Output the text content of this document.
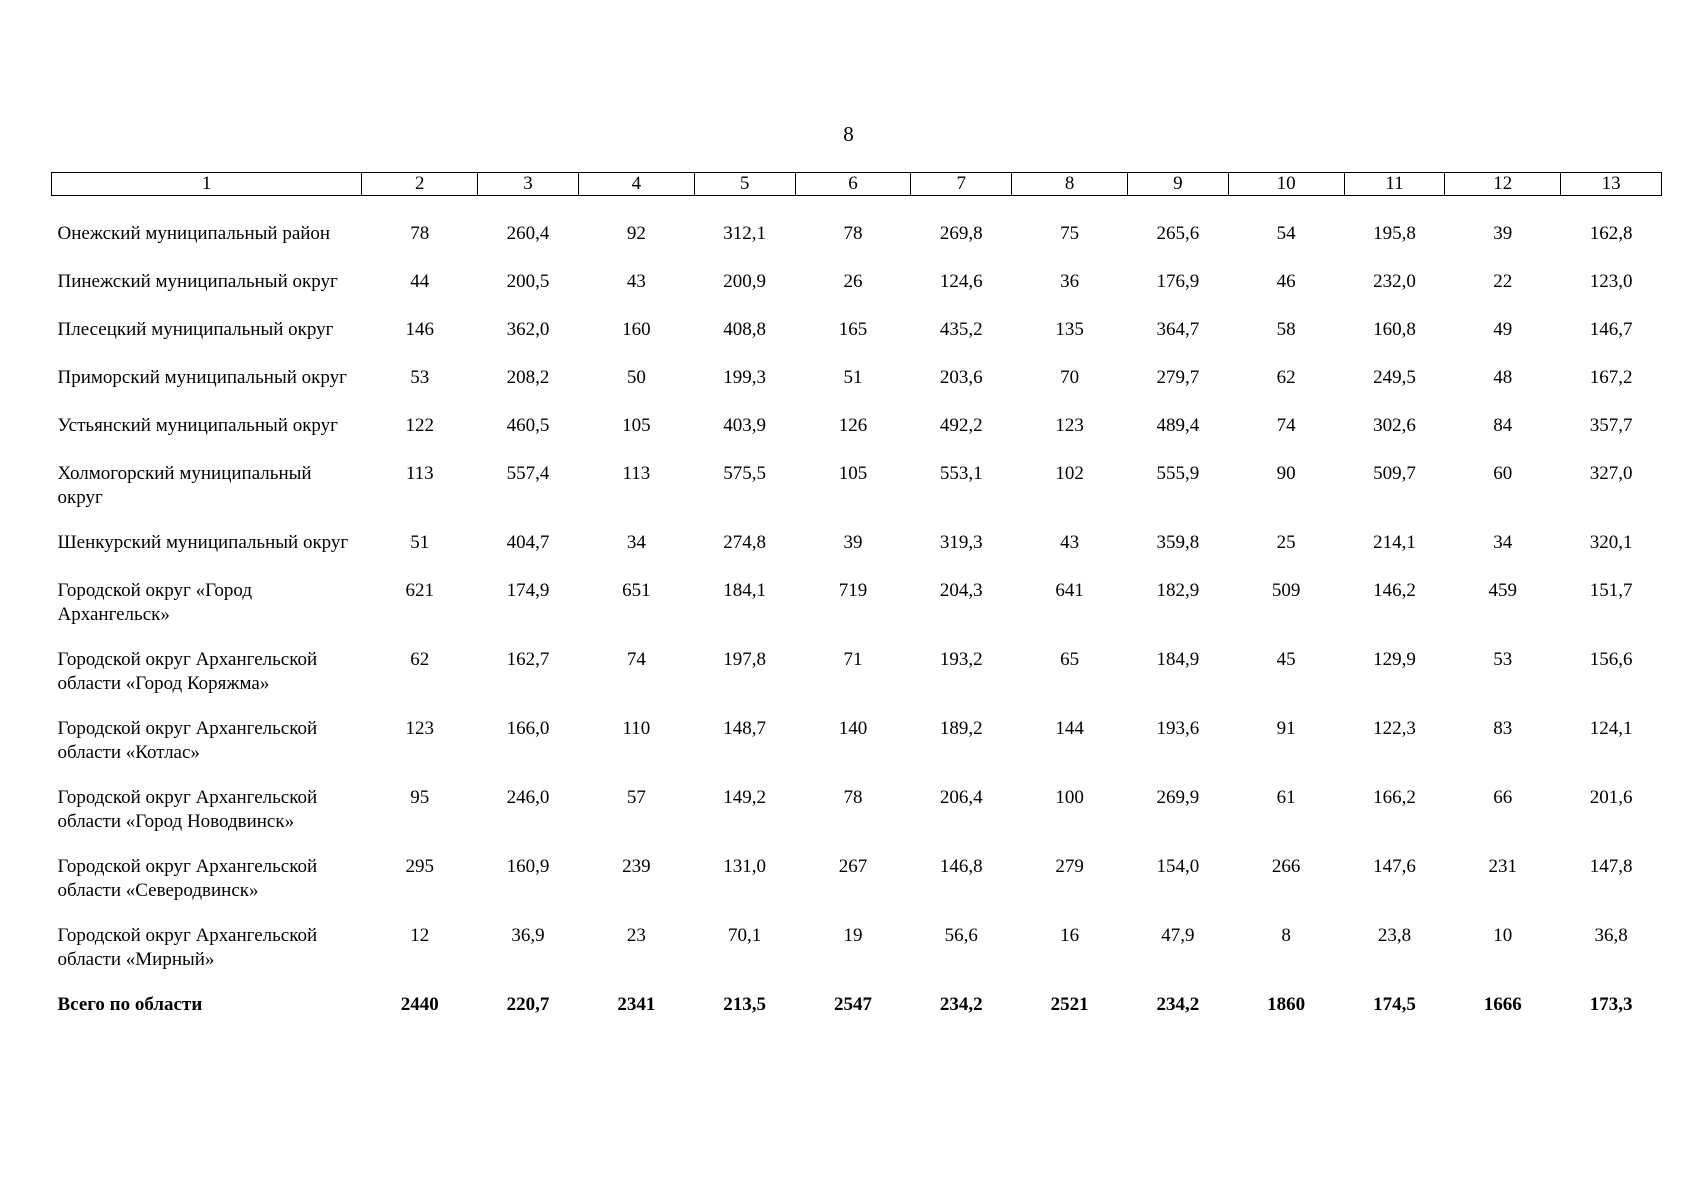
8
1	2	3	4	5	6	7	8	9	10	11	12	13

Онежский муниципальный район	78	260,4	92	312,1	78	269,8	75	265,6	54	195,8	39	162,8
Пинежский муниципальный округ	44	200,5	43	200,9	26	124,6	36	176,9	46	232,0	22	123,0
Плесецкий муниципальный округ	146	362,0	160	408,8	165	435,2	135	364,7	58	160,8	49	146,7
Приморский муниципальный округ	53	208,2	50	199,3	51	203,6	70	279,7	62	249,5	48	167,2
Устьянский муниципальный округ	122	460,5	105	403,9	126	492,2	123	489,4	74	302,6	84	357,7
Холмогорский муниципальный округ	113	557,4	113	575,5	105	553,1	102	555,9	90	509,7	60	327,0
Шенкурский муниципальный округ	51	404,7	34	274,8	39	319,3	43	359,8	25	214,1	34	320,1
Городской округ «Город Архангельск»	621	174,9	651	184,1	719	204,3	641	182,9	509	146,2	459	151,7
Городской округ Архангельской области «Город Коряжма»	62	162,7	74	197,8	71	193,2	65	184,9	45	129,9	53	156,6
Городской округ Архангельской области «Котлас»	123	166,0	110	148,7	140	189,2	144	193,6	91	122,3	83	124,1
Городской округ Архангельской области «Город Новодвинск»	95	246,0	57	149,2	78	206,4	100	269,9	61	166,2	66	201,6
Городской округ Архангельской области «Северодвинск»	295	160,9	239	131,0	267	146,8	279	154,0	266	147,6	231	147,8
Городской округ Архангельской области «Мирный»	12	36,9	23	70,1	19	56,6	16	47,9	8	23,8	10	36,8
Всего по области	2440	220,7	2341	213,5	2547	234,2	2521	234,2	1860	174,5	1666	173,3
